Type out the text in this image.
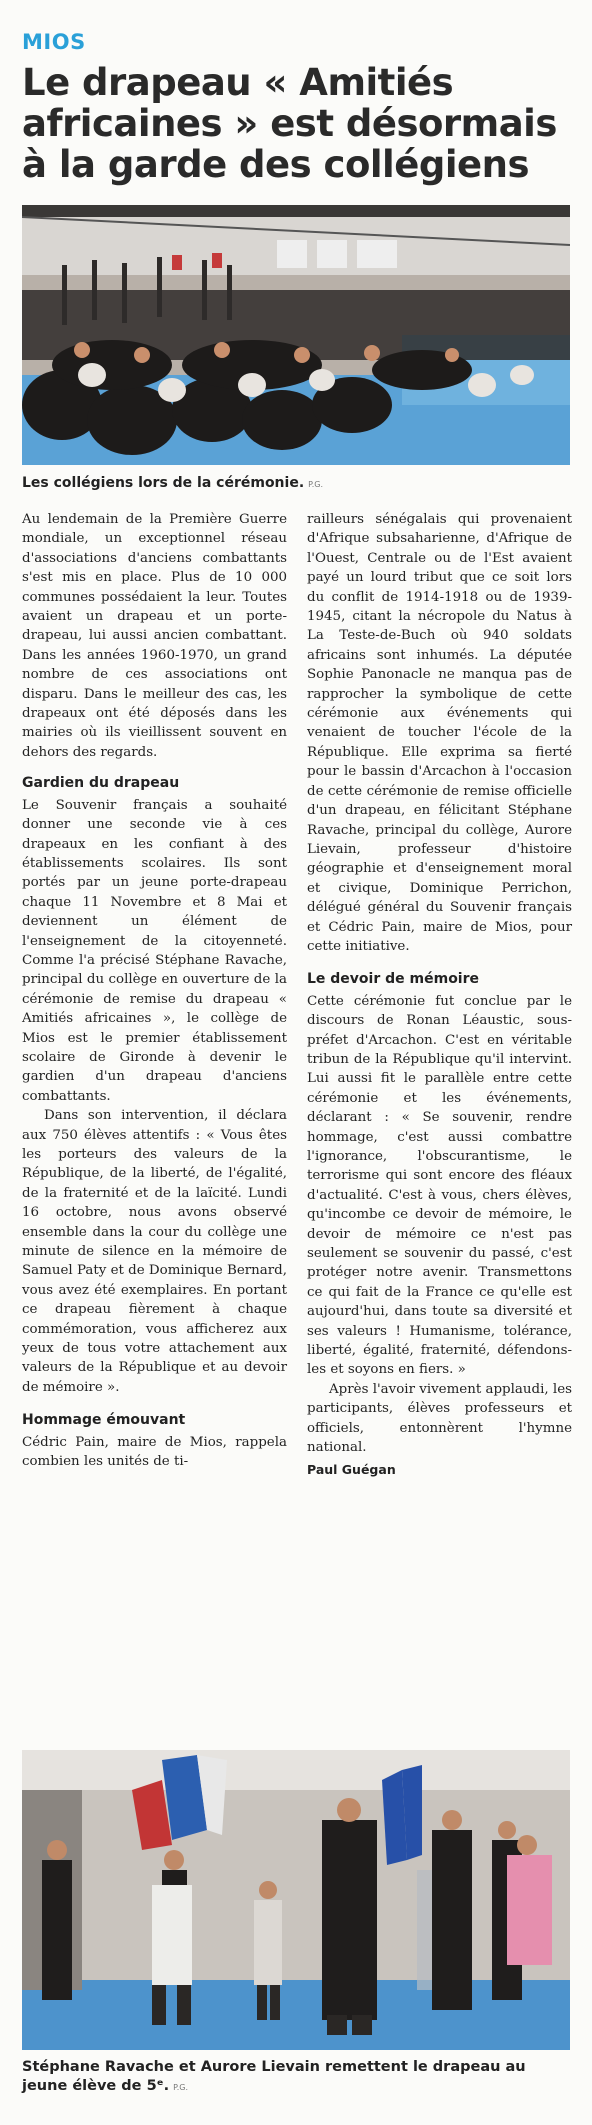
MIOS
Le drapeau « Amitiés africaines » est désormais à la garde des collégiens
Les collégiens lors de la cérémonie. P.G.

Au lendemain de la Première Guerre mondiale, un exceptionnel réseau d'associations d'anciens combattants s'est mis en place. Plus de 10 000 communes possédaient la leur. Toutes avaient un drapeau et un porte-drapeau, lui aussi ancien combattant. Dans les années 1960-1970, un grand nombre de ces associations ont disparu. Dans le meilleur des cas, les drapeaux ont été déposés dans les mairies où ils vieillissent souvent en dehors des regards.

Gardien du drapeau

Le Souvenir français a souhaité donner une seconde vie à ces drapeaux en les confiant à des établissements scolaires. Ils sont portés par un jeune porte-drapeau chaque 11 Novembre et 8 Mai et deviennent un élément de l'enseignement de la citoyenneté. Comme l'a précisé Stéphane Ravache, principal du collège en ouverture de la cérémonie de remise du drapeau « Amitiés africaines », le collège de Mios est le premier établissement scolaire de Gironde à devenir le gardien d'un drapeau d'anciens combattants.

Dans son intervention, il déclara aux 750 élèves attentifs : « Vous êtes les porteurs des valeurs de la République, de la liberté, de l'égalité, de la fraternité et de la laïcité. Lundi 16 octobre, nous avons observé ensemble dans la cour du collège une minute de silence en la mémoire de Samuel Paty et de Dominique Bernard, vous avez été exemplaires. En portant ce drapeau fièrement à chaque commémoration, vous afficherez aux yeux de tous votre attachement aux valeurs de la République et au devoir de mémoire ».

Hommage émouvant

Cédric Pain, maire de Mios, rappela combien les unités de ti-

railleurs sénégalais qui provenaient d'Afrique subsaharienne, d'Afrique de l'Ouest, Centrale ou de l'Est avaient payé un lourd tribut que ce soit lors du conflit de 1914-1918 ou de 1939-1945, citant la nécropole du Natus à La Teste-de-Buch où 940 soldats africains sont inhumés. La députée Sophie Panonacle ne manqua pas de rapprocher la symbolique de cette cérémonie aux événements qui venaient de toucher l'école de la République. Elle exprima sa fierté pour le bassin d'Arcachon à l'occasion de cette cérémonie de remise officielle d'un drapeau, en félicitant Stéphane Ravache, principal du collège, Aurore Lievain, professeur d'histoire géographie et d'enseignement moral et civique, Dominique Perrichon, délégué général du Souvenir français et Cédric Pain, maire de Mios, pour cette initiative.

Le devoir de mémoire

Cette cérémonie fut conclue par le discours de Ronan Léaustic, sous-préfet d'Arcachon. C'est en véritable tribun de la République qu'il intervint. Lui aussi fit le parallèle entre cette cérémonie et les événements, déclarant : « Se souvenir, rendre hommage, c'est aussi combattre l'ignorance, l'obscurantisme, le terrorisme qui sont encore des fléaux d'actualité. C'est à vous, chers élèves, qu'incombe ce devoir de mémoire, le devoir de mémoire ce n'est pas seulement se souvenir du passé, c'est protéger notre avenir. Transmettons ce qui fait de la France ce qu'elle est aujourd'hui, dans toute sa diversité et ses valeurs ! Humanisme, tolérance, liberté, égalité, fraternité, défendons-les et soyons en fiers. »

Après l'avoir vivement applaudi, les participants, élèves professeurs et officiels, entonnèrent l'hymne national.

Paul Guégan
Stéphane Ravache et Aurore Lievain remettent le drapeau au jeune élève de 5ᵉ. P.G.
